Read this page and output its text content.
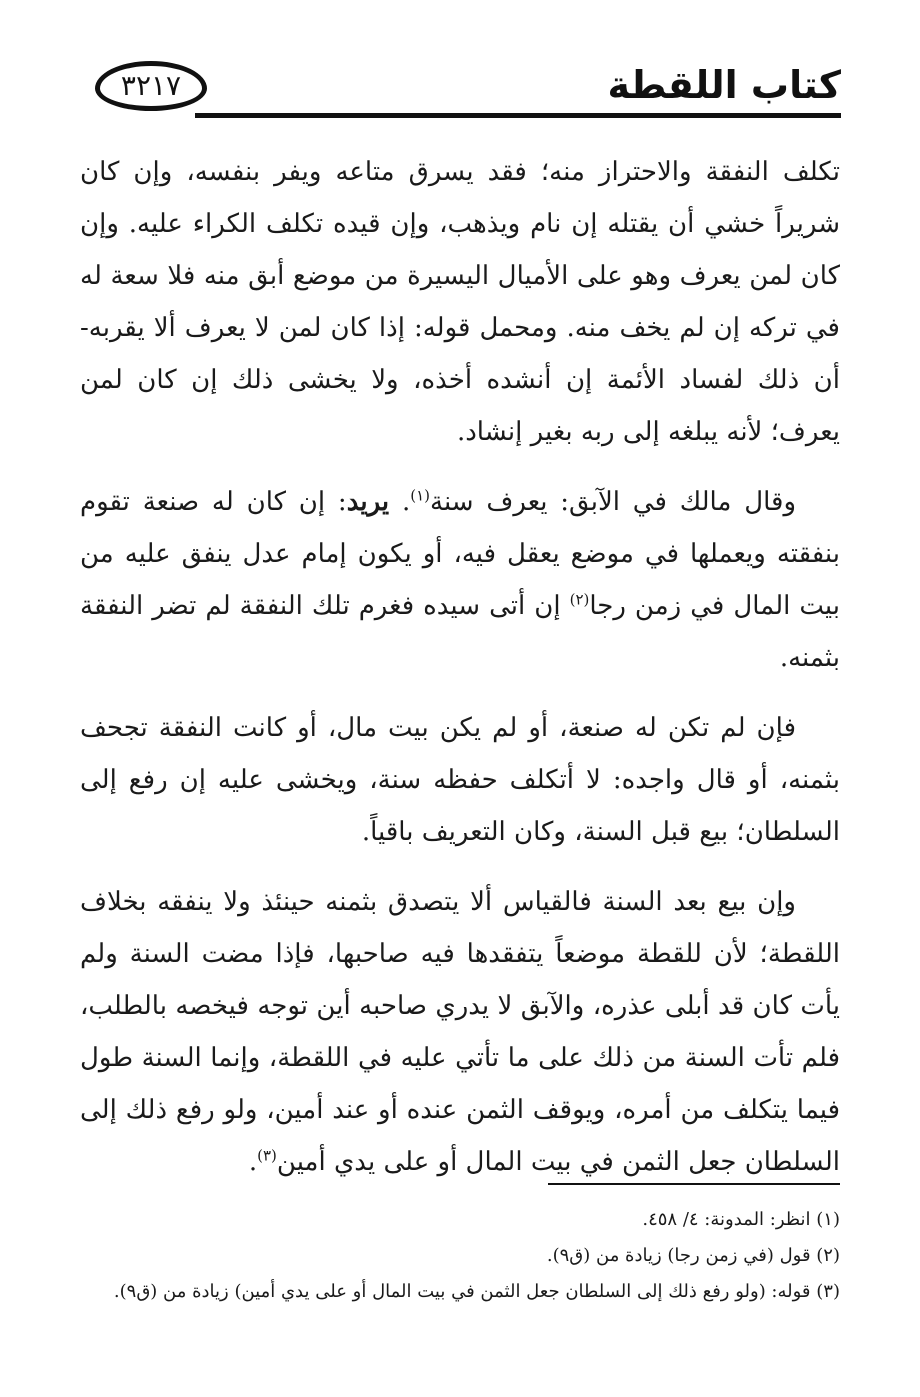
كتاب اللقطة
٣٢١٧

تكلف النفقة والاحتراز منه؛ فقد يسرق متاعه ويفر بنفسه، وإن كان شريراً خشي أن يقتله إن نام ويذهب، وإن قيده تكلف الكراء عليه. وإن كان لمن يعرف وهو على الأميال اليسيرة من موضع أبق منه فلا سعة له في تركه إن لم يخف منه. ومحمل قوله: إذا كان لمن لا يعرف ألا يقربه- أن ذلك لفساد الأئمة إن أنشده أخذه، ولا يخشى ذلك إن كان لمن يعرف؛ لأنه يبلغه إلى ربه بغير إنشاد.

وقال مالك في الآبق: يعرف سنة$^{(١)}$. يريد: إن كان له صنعة تقوم بنفقته ويعملها في موضع يعقل فيه، أو يكون إمام عدل ينفق عليه من بيت المال في زمن رجا$^{(٢)}$ إن أتى سيده فغرم تلك النفقة لم تضر النفقة بثمنه.

فإن لم تكن له صنعة، أو لم يكن بيت مال، أو كانت النفقة تجحف بثمنه، أو قال واجده: لا أتكلف حفظه سنة، ويخشى عليه إن رفع إلى السلطان؛ بيع قبل السنة، وكان التعريف باقياً.

وإن بيع بعد السنة فالقياس ألا يتصدق بثمنه حينئذ ولا ينفقه بخلاف اللقطة؛ لأن للقطة موضعاً يتفقدها فيه صاحبها، فإذا مضت السنة ولم يأت كان قد أبلى عذره، والآبق لا يدري صاحبه أين توجه فيخصه بالطلب، فلم تأت السنة من ذلك على ما تأتي عليه في اللقطة، وإنما السنة طول فيما يتكلف من أمره، ويوقف الثمن عنده أو عند أمين، ولو رفع ذلك إلى السلطان جعل الثمن في بيت المال أو على يدي أمين$^{(٣)}$.

(١) انظر: المدونة: ٤/ ٤٥٨.

(٢) قول (في زمن رجا) زيادة من (ق٩).

(٣) قوله: (ولو رفع ذلك إلى السلطان جعل الثمن في بيت المال أو على يدي أمين) زيادة من (ق٩).
